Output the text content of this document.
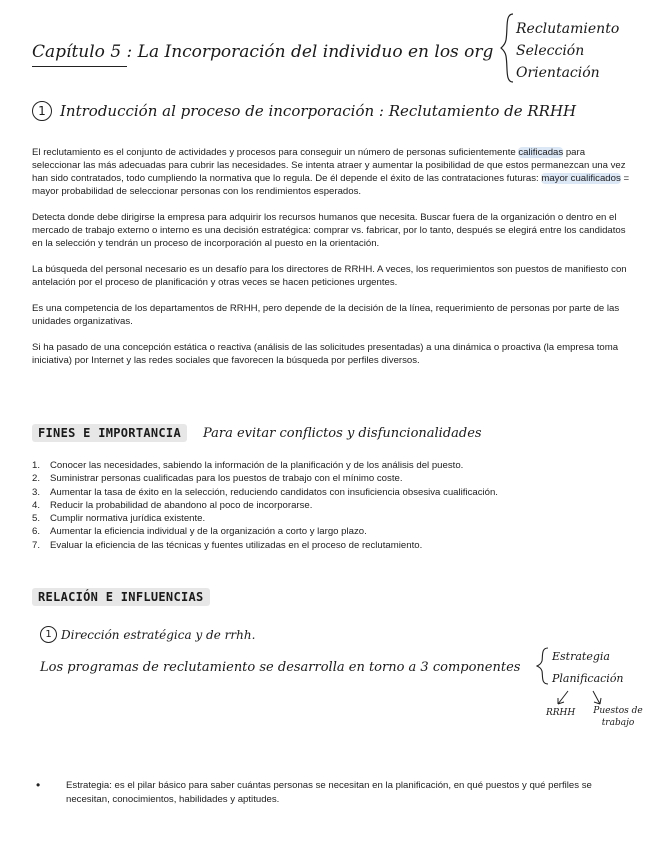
Capítulo 5 : La Incorporación del individuo en los org
Reclutamiento
Selección
Orientación
1 Introducción al proceso de incorporación : Reclutamiento de RRHH

El reclutamiento es el conjunto de actividades y procesos para conseguir un número de personas suficientemente calificadas para seleccionar las más adecuadas para cubrir las necesidades. Se intenta atraer y aumentar la posibilidad de que estos permanezcan una vez han sido contratados, todo cumpliendo la normativa que lo regula. De él depende el éxito de las contrataciones futuras: mayor cualificados = mayor probabilidad de seleccionar personas con los rendimientos esperados.

Detecta donde debe dirigirse la empresa para adquirir los recursos humanos que necesita. Buscar fuera de la organización o dentro en el mercado de trabajo externo o interno es una decisión estratégica: comprar vs. fabricar, por lo tanto, después se elegirá entre los candidatos en la selección y tendrán un proceso de incorporación al puesto en la orientación.

La búsqueda del personal necesario es un desafío para los directores de RRHH. A veces, los requerimientos son puestos de manifiesto con antelación por el proceso de planificación y otras veces se hacen peticiones urgentes.

Es una competencia de los departamentos de RRHH, pero depende de la decisión de la línea, requerimiento de personas por parte de las unidades organizativas.

Si ha pasado de una concepción estática o reactiva (análisis de las solicitudes presentadas) a una dinámica o proactiva (la empresa toma iniciativa) por Internet y las redes sociales que favorecen la búsqueda por perfiles diversos.

FINES E IMPORTANCIA	Para evitar conflictos y disfuncionalidades
1.	Conocer las necesidades, sabiendo la información de la planificación y de los análisis del puesto.
2.	Suministrar personas cualificadas para los puestos de trabajo con el mínimo coste.
3.	Aumentar la tasa de éxito en la selección, reduciendo candidatos con insuficiencia obsesiva cualificación.
4.	Reducir la probabilidad de abandono al poco de incorporarse.
5.	Cumplir normativa jurídica existente.
6.	Aumentar la eficiencia individual y de la organización a corto y largo plazo.
7.	Evaluar la eficiencia de las técnicas y fuentes utilizadas en el proceso de reclutamiento.
RELACIÓN E INFLUENCIAS
1 Dirección estratégica y de rrhh.
Los programas de reclutamiento se desarrolla en torno a 3 componentes
Estrategia
Planificación
RRHH	Puestos de trabajo
•	Estrategia: es el pilar básico para saber cuántas personas se necesitan en la planificación, en qué puestos y qué perfiles se necesitan, conocimientos, habilidades y aptitudes.
